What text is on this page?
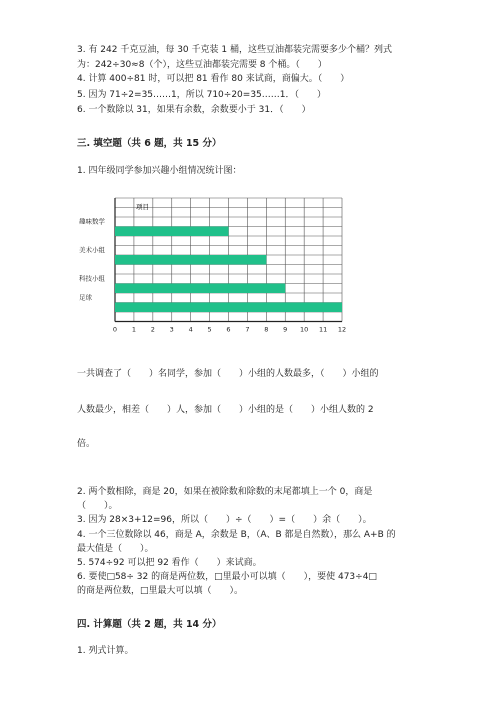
3. 有 242 千克豆油，每 30 千克装 1 桶，这些豆油都装完需要多少个桶？列式
为：242÷30≈8（个），这些豆油都装完需要 8 个桶。（　　）
4. 计算 400÷81 时，可以把 81 看作 80 来试商，商偏大。（　　）
5. 因为 71÷2=35……1，所以 710÷20=35……1．（　　）
6. 一个数除以 31，如果有余数，余数要小于 31．（　　）
三. 填空题（共 6 题，共 15 分）
1. 四年级同学参加兴趣小组情况统计图：
趣味数学
美术小组
科技小组
足球
0 1 2 3 4 5 6 7 8 9 10 11 12
项目
一共调查了（　　）名同学，参加（　　）小组的人数最多，（　　）小组的
人数最少，相差（　　）人，参加（　　）小组的是（　　）小组人数的 2
倍。
2. 两个数相除，商是 20，如果在被除数和除数的末尾都填上一个 0，商是
（　　）。
3. 因为 28×3+12=96，所以（　　）÷（　　）=（　　）余（　　）。
4. 一个三位数除以 46，商是 A，余数是 B，（A、B 都是自然数），那么 A+B 的
最大值是（　　）。
5. 574÷92 可以把 92 看作（　　）来试商。
6. 要使□58÷ 32 的商是两位数，□里最小可以填（　　），要使 473÷4□
的商是两位数，□里最大可以填（　　）。
四. 计算题（共 2 题，共 14 分）
1. 列式计算。
